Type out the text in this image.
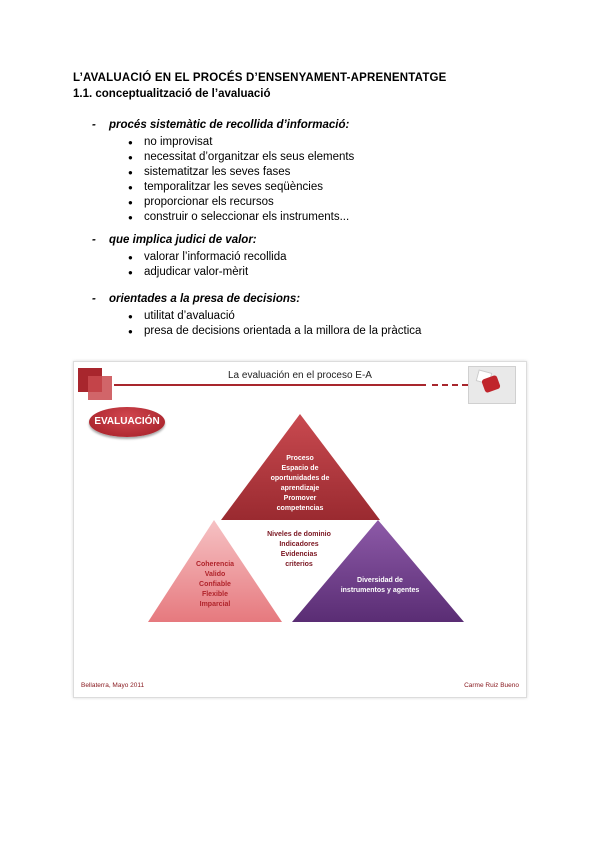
L’AVALUACIÓ EN EL PROCÉS D’ENSENYAMENT-APRENENTATGE
1.1. conceptualització de l’avaluació
- procés sistemàtic de recollida d’informació:
● no improvisat
● necessitat d’organitzar els seus elements
● sistematitzar les seves fases
● temporalitzar les seves seqüències
● proporcionar els recursos
● construir o seleccionar els instruments...
- que implica judici de valor:
● valorar l’informació recollida
● adjudicar valor-mèrit
- orientades a la presa de decisions:
● utilitat d’avaluació
● presa de decisions orientada a la millora de la pràctica
La evaluación en el proceso E-A
EVALUACIÓN
Proceso
Espacio de
oportunidades de
aprendizaje
Promover
competencias
Niveles de dominio
Indicadores
Evidencias
criterios
Coherencia
Valido
Confiable
Flexible
Imparcial
Diversidad de
instrumentos y agentes
Bellaterra, Mayo 2011	Carme Ruiz Bueno
